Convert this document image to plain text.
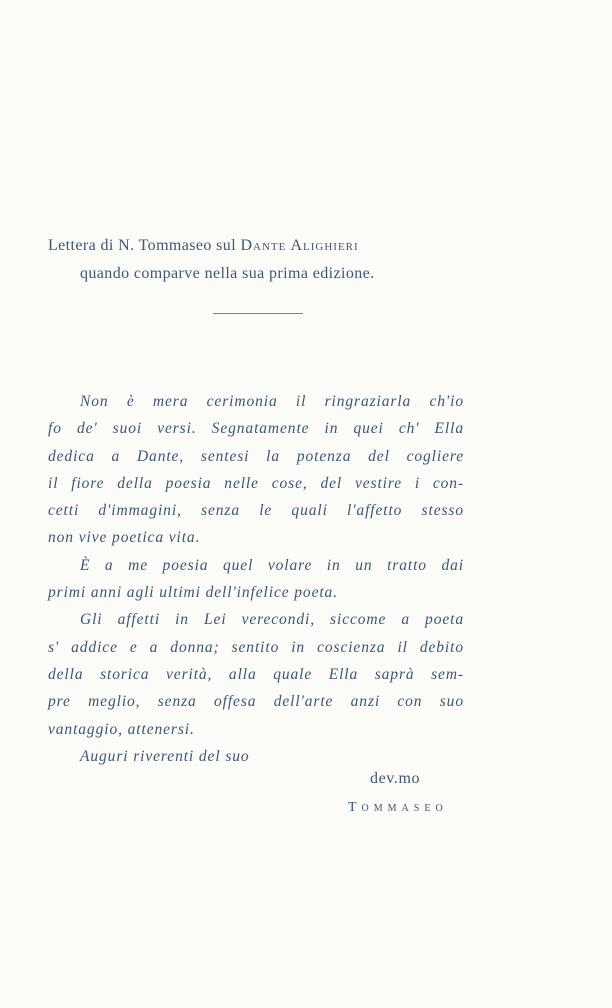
Lettera di N. Tommaseo sul Dante Alighieri
quando comparve nella sua prima edizione.
Non è mera cerimonia il ringraziarla ch'io
fo de' suoi versi. Segnatamente in quei ch' Ella
dedica a Dante, sentesi la potenza del cogliere
il fiore della poesia nelle cose, del vestire i con-
cetti d'immagini, senza le quali l'affetto stesso
non vive poetica vita.
È a me poesia quel volare in un tratto dai
primi anni agli ultimi dell'infelice poeta.
Gli affetti in Lei verecondi, siccome a poeta
s' addice e a donna; sentito in coscienza il debito
della storica verità, alla quale Ella saprà sem-
pre meglio, senza offesa dell'arte anzi con suo
vantaggio, attenersi.
Auguri riverenti del suo
dev.mo
Tommaseo
